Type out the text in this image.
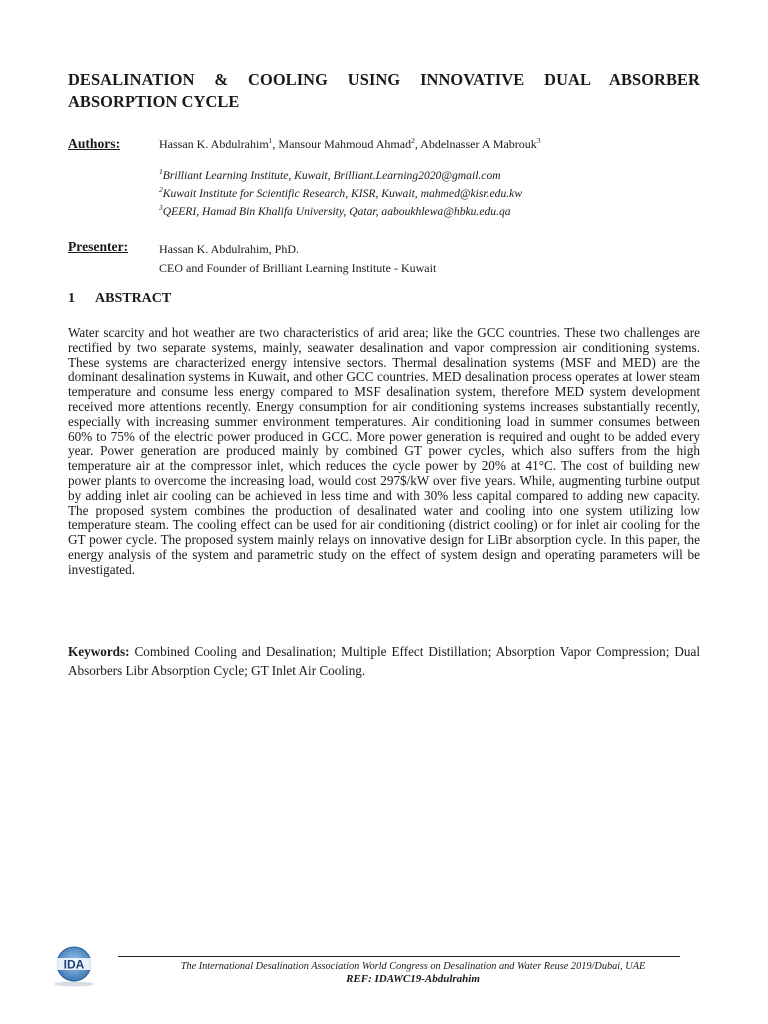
DESALINATION & COOLING USING INNOVATIVE DUAL ABSORBER
ABSORPTION CYCLE
Authors:	Hassan K. Abdulrahim$^1$, Mansour Mahmoud Ahmad$^2$, Abdelnasser A Mabrouk$^3$
$^1$Brilliant Learning Institute, Kuwait, Brilliant.Learning2020@gmail.com
$^2$Kuwait Institute for Scientific Research, KISR, Kuwait, mahmed@kisr.edu.kw
$^3$QEERI, Hamad Bin Khalifa University, Qatar, aaboukhlewa@hbku.edu.qa
Presenter:	Hassan K. Abdulrahim, PhD.
CEO and Founder of Brilliant Learning Institute - Kuwait
1 ABSTRACT

Water scarcity and hot weather are two characteristics of arid area; like the GCC countries. These two challenges are rectified by two separate systems, mainly, seawater desalination and vapor compression air conditioning systems. These systems are characterized energy intensive sectors. Thermal desalination systems (MSF and MED) are the dominant desalination systems in Kuwait, and other GCC countries. MED desalination process operates at lower steam temperature and consume less energy compared to MSF desalination system, therefore MED system development received more attentions recently. Energy consumption for air conditioning systems increases substantially recently, especially with increasing summer environment temperatures. Air conditioning load in summer consumes between 60% to 75% of the electric power produced in GCC. More power generation is required and ought to be added every year. Power generation are produced mainly by combined GT power cycles, which also suffers from the high temperature air at the compressor inlet, which reduces the cycle power by 20% at 41°C. The cost of building new power plants to overcome the increasing load, would cost 297$/kW over five years. While, augmenting turbine output by adding inlet air cooling can be achieved in less time and with 30% less capital compared to adding new capacity. The proposed system combines the production of desalinated water and cooling into one system utilizing low temperature steam. The cooling effect can be used for air conditioning (district cooling) or for inlet air cooling for the GT power cycle. The proposed system mainly relays on innovative design for LiBr absorption cycle. In this paper, the energy analysis of the system and parametric study on the effect of system design and operating parameters will be investigated.

Keywords: Combined Cooling and Desalination; Multiple Effect Distillation; Absorption Vapor Compression; Dual Absorbers Libr Absorption Cycle; GT Inlet Air Cooling.

IDA	The International Desalination Association World Congress on Desalination and Water Reuse 2019/Dubai, UAE
REF: IDAWC19-Abdulrahim
